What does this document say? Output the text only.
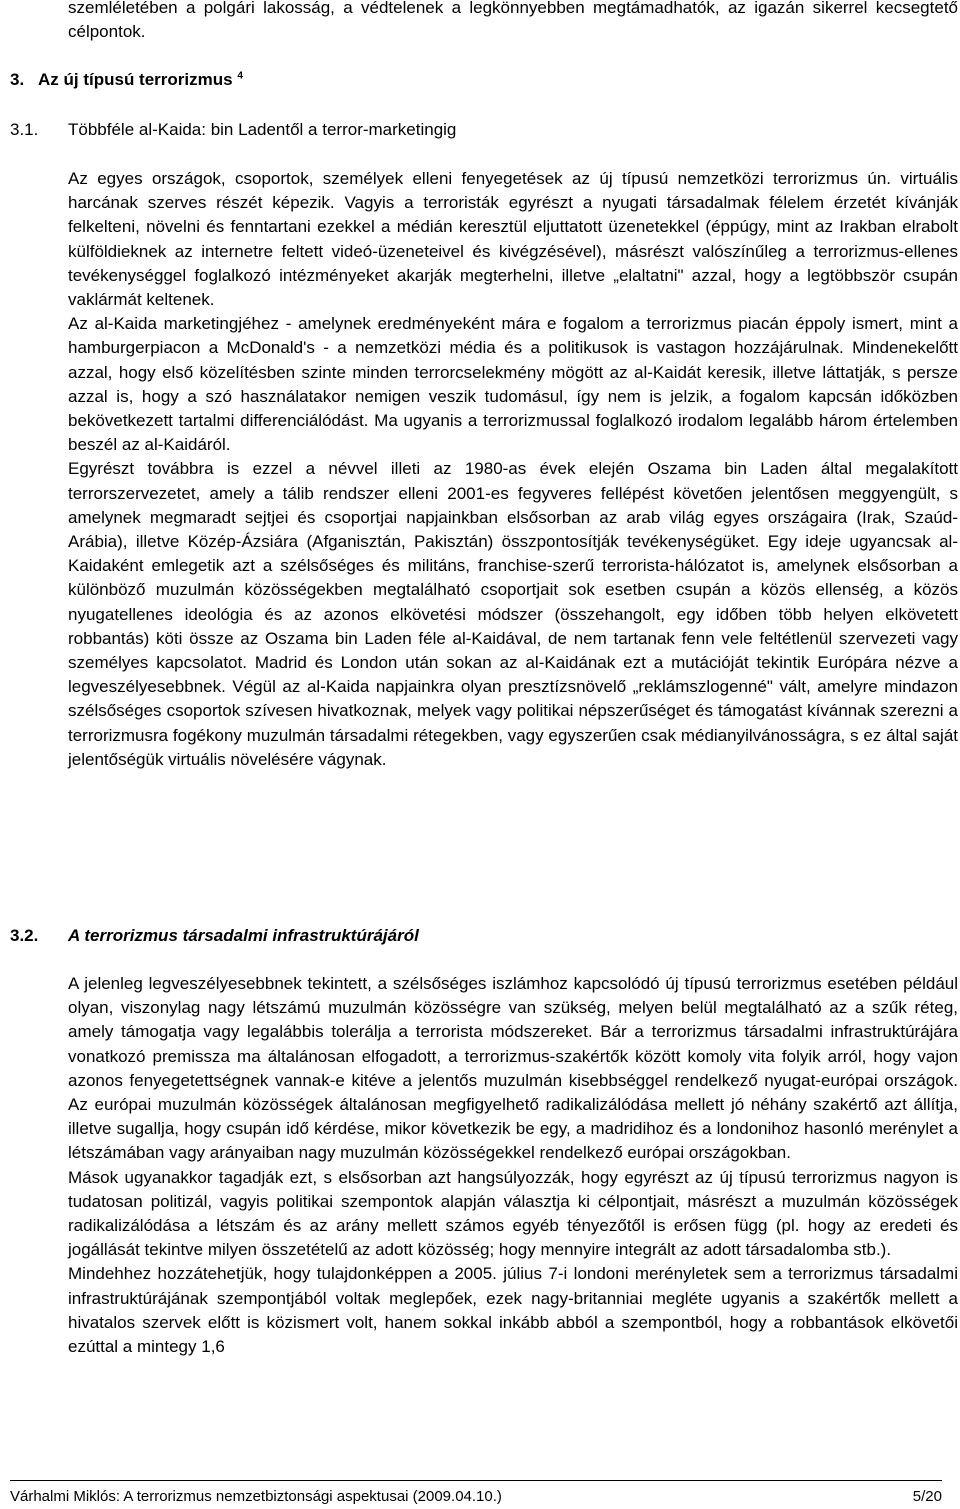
szemléletében a polgári lakosság, a védtelenek a legkönnyebben megtámadhatók, az igazán sikerrel kecsegtető célpontok.

3. Az új típusú terrorizmus $^4$
3.1. Többféle al-Kaida: bin Ladentől a terror-marketingig

Az egyes országok, csoportok, személyek elleni fenyegetések az új típusú nemzetközi terrorizmus ún. virtuális harcának szerves részét képezik. Vagyis a terroristák egyrészt a nyugati társadalmak félelem érzetét kívánják felkelteni, növelni és fenntartani ezekkel a médián keresztül eljuttatott üzenetekkel (éppúgy, mint az Irakban elrabolt külföldieknek az internetre feltett videó-üzeneteivel és kivégzésével), másrészt valószínűleg a terrorizmus-ellenes tevékenységgel foglalkozó intézményeket akarják megterhelni, illetve „elaltatni" azzal, hogy a legtöbbször csupán vaklármát keltenek.

Az al-Kaida marketingjéhez - amelynek eredményeként mára e fogalom a terrorizmus piacán éppoly ismert, mint a hamburgerpiacon a McDonald's - a nemzetközi média és a politikusok is vastagon hozzájárulnak. Mindenekelőtt azzal, hogy első közelítésben szinte minden terrorcselekmény mögött az al-Kaidát keresik, illetve láttatják, s persze azzal is, hogy a szó használatakor nemigen veszik tudomásul, így nem is jelzik, a fogalom kapcsán időközben bekövetkezett tartalmi differenciálódást. Ma ugyanis a terrorizmussal foglalkozó irodalom legalább három értelemben beszél az al-Kaidáról.

Egyrészt továbbra is ezzel a névvel illeti az 1980-as évek elején Oszama bin Laden által megalakított terrorszervezetet, amely a tálib rendszer elleni 2001-es fegyveres fellépést követően jelentősen meggyengült, s amelynek megmaradt sejtjei és csoportjai napjainkban elsősorban az arab világ egyes országaira (Irak, Szaúd-Arábia), illetve Közép-Ázsiára (Afganisztán, Pakisztán) összpontosítják tevékenységüket. Egy ideje ugyancsak al-Kaidaként emlegetik azt a szélsőséges és militáns, franchise-szerű terrorista-hálózatot is, amelynek elsősorban a különböző muzulmán közösségekben megtalálható csoportjait sok esetben csupán a közös ellenség, a közös nyugatellenes ideológia és az azonos elkövetési módszer (összehangolt, egy időben több helyen elkövetett robbantás) köti össze az Oszama bin Laden féle al-Kaidával, de nem tartanak fenn vele feltétlenül szervezeti vagy személyes kapcsolatot. Madrid és London után sokan az al-Kaidának ezt a mutációját tekintik Európára nézve a legveszélyesebbnek. Végül az al-Kaida napjainkra olyan presztízsnövelő „reklámszlogenné" vált, amelyre mindazon szélsőséges csoportok szívesen hivatkoznak, melyek vagy politikai népszerűséget és támogatást kívánnak szerezni a terrorizmusra fogékony muzulmán társadalmi rétegekben, vagy egyszerűen csak médianyilvánosságra, s ez által saját jelentőségük virtuális növelésére vágynak.

3.2. A terrorizmus társadalmi infrastruktúrájáról

A jelenleg legveszélyesebbnek tekintett, a szélsőséges iszlámhoz kapcsolódó új típusú terrorizmus esetében például olyan, viszonylag nagy létszámú muzulmán közösségre van szükség, melyen belül megtalálható az a szűk réteg, amely támogatja vagy legalábbis tolerálja a terrorista módszereket. Bár a terrorizmus társadalmi infrastruktúrájára vonatkozó premissza ma általánosan elfogadott, a terrorizmus-szakértők között komoly vita folyik arról, hogy vajon azonos fenyegetettségnek vannak-e kitéve a jelentős muzulmán kisebbséggel rendelkező nyugat-európai országok. Az európai muzulmán közösségek általánosan megfigyelhető radikalizálódása mellett jó néhány szakértő azt állítja, illetve sugallja, hogy csupán idő kérdése, mikor következik be egy, a madridihoz és a londonihoz hasonló merénylet a létszámában vagy arányaiban nagy muzulmán közösségekkel rendelkező európai országokban.

Mások ugyanakkor tagadják ezt, s elsősorban azt hangsúlyozzák, hogy egyrészt az új típusú terrorizmus nagyon is tudatosan politizál, vagyis politikai szempontok alapján választja ki célpontjait, másrészt a muzulmán közösségek radikalizálódása a létszám és az arány mellett számos egyéb tényezőtől is erősen függ (pl. hogy az eredeti és jogállását tekintve milyen összetételű az adott közösség; hogy mennyire integrált az adott társadalomba stb.).

Mindehhez hozzátehetjük, hogy tulajdonképpen a 2005. július 7-i londoni merényletek sem a terrorizmus társadalmi infrastruktúrájának szempontjából voltak meglepőek, ezek nagy-britanniai megléte ugyanis a szakértők mellett a hivatalos szervek előtt is közismert volt, hanem sokkal inkább abból a szempontból, hogy a robbantások elkövetői ezúttal a mintegy 1,6

Várhalmi Miklós: A terrorizmus nemzetbiztonsági aspektusai (2009.04.10.)	5/20
